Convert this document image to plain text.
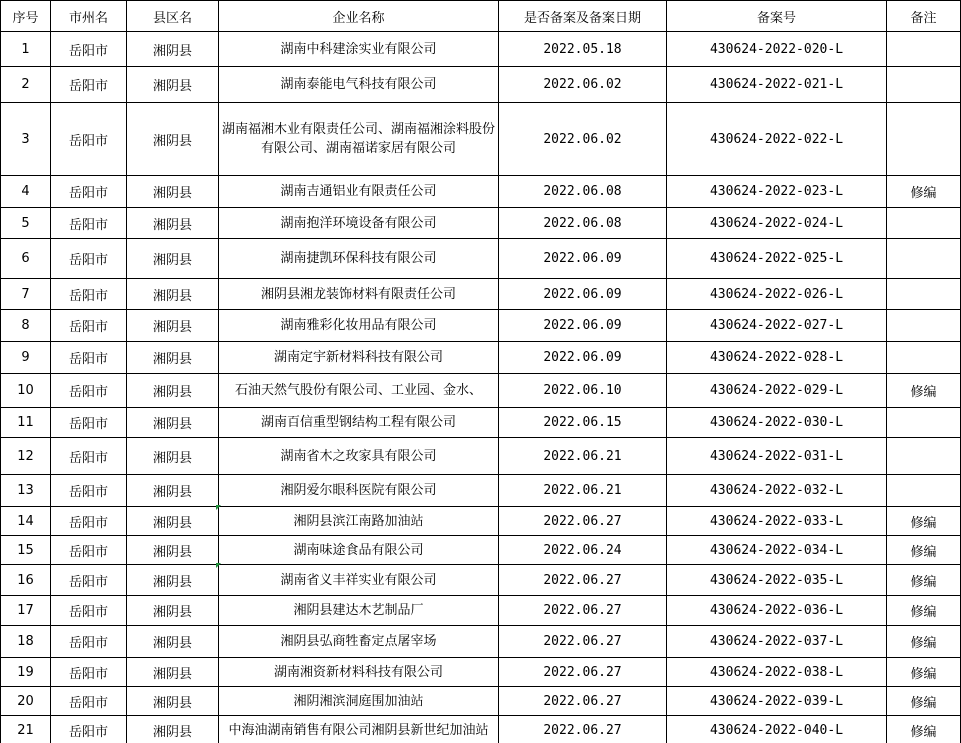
序号	市州名	县区名	企业名称	是否备案及备案日期	备案号	备注
1	岳阳市	湘阴县	湖南中科建涂实业有限公司	2022.05.18	430624-2022-020-L	
2	岳阳市	湘阴县	湖南泰能电气科技有限公司	2022.06.02	430624-2022-021-L	
3	岳阳市	湘阴县	湖南福湘木业有限责任公司、湖南福湘涂料股份有限公司、湖南福诺家居有限公司	2022.06.02	430624-2022-022-L	
4	岳阳市	湘阴县	湖南吉通铝业有限责任公司	2022.06.08	430624-2022-023-L	修编
5	岳阳市	湘阴县	湖南抱洋环境设备有限公司	2022.06.08	430624-2022-024-L	
6	岳阳市	湘阴县	湖南捷凯环保科技有限公司	2022.06.09	430624-2022-025-L	
7	岳阳市	湘阴县	湘阴县湘龙装饰材料有限责任公司	2022.06.09	430624-2022-026-L	
8	岳阳市	湘阴县	湖南雅彩化妆用品有限公司	2022.06.09	430624-2022-027-L	
9	岳阳市	湘阴县	湖南定宇新材料科技有限公司	2022.06.09	430624-2022-028-L	
10	岳阳市	湘阴县	石油天然气股份有限公司、工业园、金水、	2022.06.10	430624-2022-029-L	修编
11	岳阳市	湘阴县	湖南百信重型钢结构工程有限公司	2022.06.15	430624-2022-030-L	
12	岳阳市	湘阴县	湖南省木之玫家具有限公司	2022.06.21	430624-2022-031-L	
13	岳阳市	湘阴县	湘阴爱尔眼科医院有限公司	2022.06.21	430624-2022-032-L	
14	岳阳市	湘阴县	湘阴县滨江南路加油站	2022.06.27	430624-2022-033-L	修编
15	岳阳市	湘阴县	湖南味途食品有限公司	2022.06.24	430624-2022-034-L	修编
16	岳阳市	湘阴县	湖南省义丰祥实业有限公司	2022.06.27	430624-2022-035-L	修编
17	岳阳市	湘阴县	湘阴县建达木艺制品厂	2022.06.27	430624-2022-036-L	修编
18	岳阳市	湘阴县	湘阴县弘商牲畜定点屠宰场	2022.06.27	430624-2022-037-L	修编
19	岳阳市	湘阴县	湖南湘资新材料科技有限公司	2022.06.27	430624-2022-038-L	修编
20	岳阳市	湘阴县	湘阴湘滨洞庭围加油站	2022.06.27	430624-2022-039-L	修编
21	岳阳市	湘阴县	中海油湖南销售有限公司湘阴县新世纪加油站	2022.06.27	430624-2022-040-L	修编
